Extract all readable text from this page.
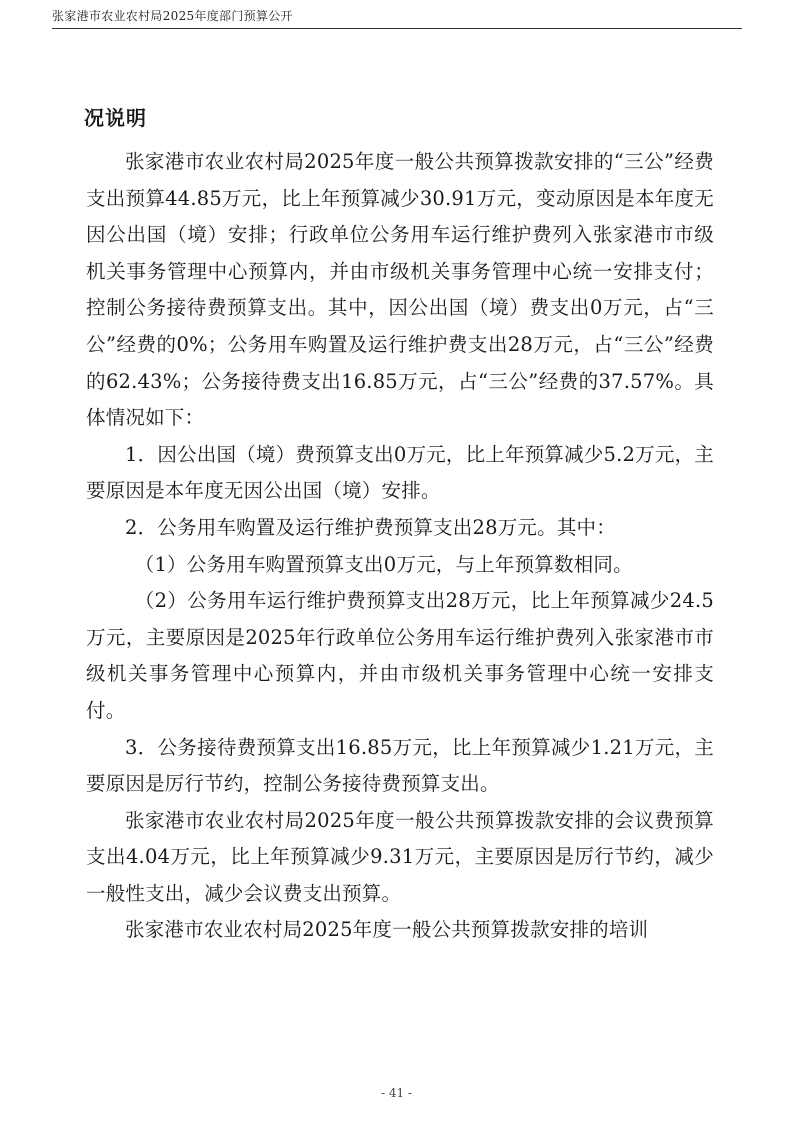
张家港市农业农村局2025年度部门预算公开
况说明

张家港市农业农村局2025年度一般公共预算拨款安排的“三公”经费支出预算44.85万元，比上年预算减少30.91万元，变动原因是本年度无因公出国（境）安排；行政单位公务用车运行维护费列入张家港市市级机关事务管理中心预算内，并由市级机关事务管理中心统一安排支付；控制公务接待费预算支出。其中，因公出国（境）费支出0万元，占“三公”经费的0%；公务用车购置及运行维护费支出28万元，占“三公”经费的62.43%；公务接待费支出16.85万元，占“三公”经费的37.57%。具体情况如下：

1．因公出国（境）费预算支出0万元，比上年预算减少5.2万元，主要原因是本年度无因公出国（境）安排。

2．公务用车购置及运行维护费预算支出28万元。其中：

（1）公务用车购置预算支出0万元，与上年预算数相同。

（2）公务用车运行维护费预算支出28万元，比上年预算减少24.5万元，主要原因是2025年行政单位公务用车运行维护费列入张家港市市级机关事务管理中心预算内，并由市级机关事务管理中心统一安排支付。

3．公务接待费预算支出16.85万元，比上年预算减少1.21万元，主要原因是厉行节约，控制公务接待费预算支出。

张家港市农业农村局2025年度一般公共预算拨款安排的会议费预算支出4.04万元，比上年预算减少9.31万元，主要原因是厉行节约，减少一般性支出，减少会议费支出预算。

张家港市农业农村局2025年度一般公共预算拨款安排的培训

- 41 -
